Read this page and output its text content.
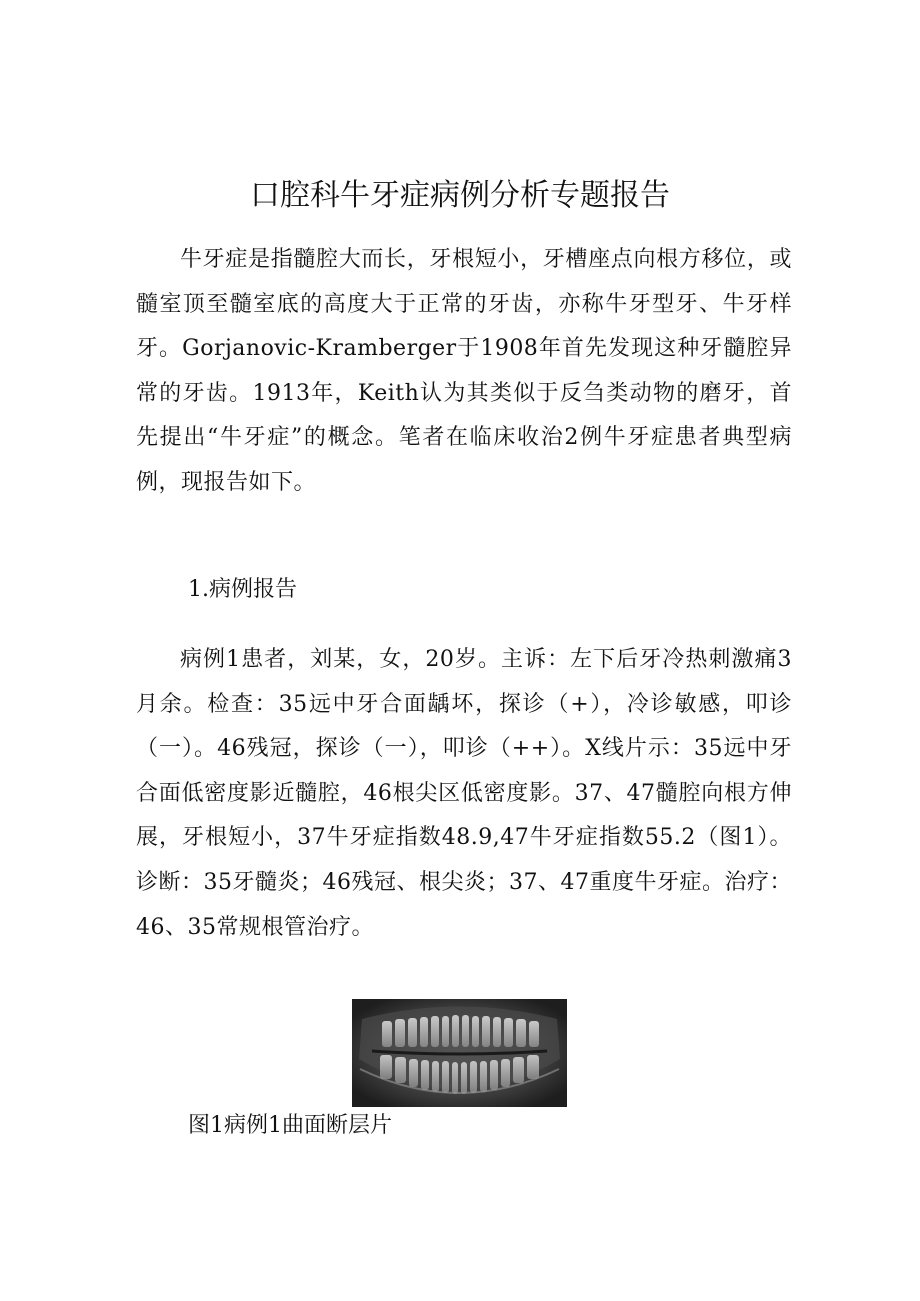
口腔科牛牙症病例分析专题报告

牛牙症是指髓腔大而长，牙根短小，牙槽座点向根方移位，或髓室顶至髓室底的高度大于正常的牙齿，亦称牛牙型牙、牛牙样牙。Gorjanovic-Kramberger于1908年首先发现这种牙髓腔异常的牙齿。1913年，Keith认为其类似于反刍类动物的磨牙，首先提出“牛牙症”的概念。笔者在临床收治2例牛牙症患者典型病例，现报告如下。

1.病例报告

病例1患者，刘某，女，20岁。主诉：左下后牙冷热刺激痛3月余。检查：35远中牙合面龋坏，探诊（+），冷诊敏感，叩诊（一）。46残冠，探诊（一），叩诊（++）。X线片示：35远中牙合面低密度影近髓腔，46根尖区低密度影。37、47髓腔向根方伸展，牙根短小，37牛牙症指数48.9,47牛牙症指数55.2（图1）。诊断：35牙髓炎；46残冠、根尖炎；37、47重度牛牙症。治疗：46、35常规根管治疗。

图1病例1曲面断层片
